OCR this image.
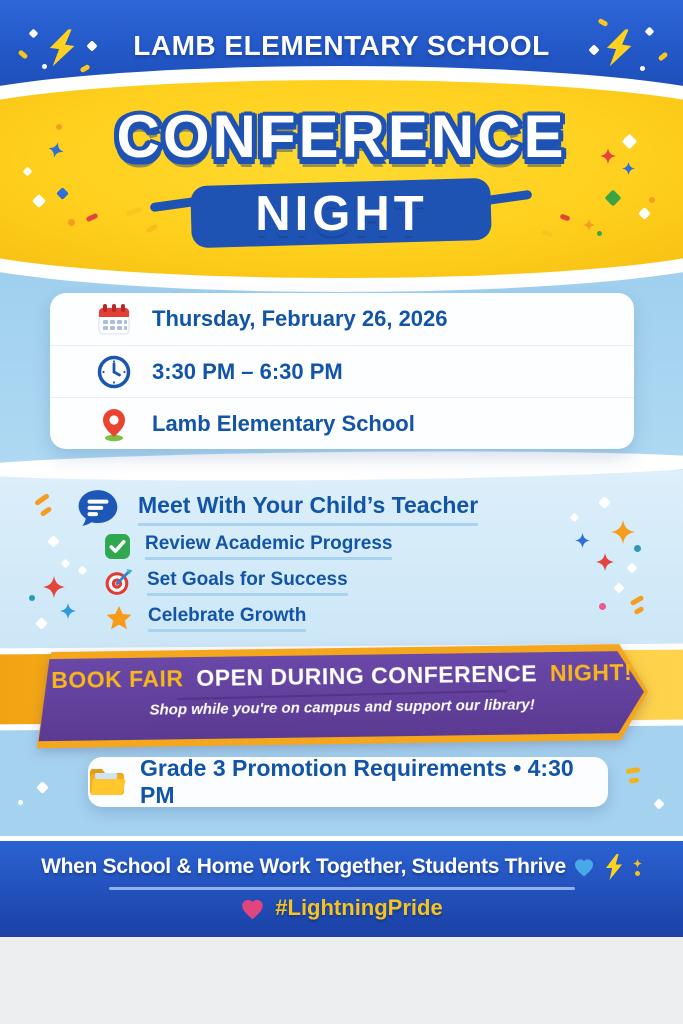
LAMB ELEMENTARY SCHOOL
CONFERENCE
NIGHT
Thursday, February 26, 2026
3:30 PM – 6:30 PM
Lamb Elementary School
Meet With Your Child’s Teacher
Review Academic Progress
Set Goals for Success
Celebrate Growth
BOOK FAIR OPEN DURING CONFERENCE NIGHT!
Shop while you're on campus and support our library!
Grade 3 Promotion Requirements • 4:30 PM
When School & Home Work Together, Students Thrive
#LightningPride
